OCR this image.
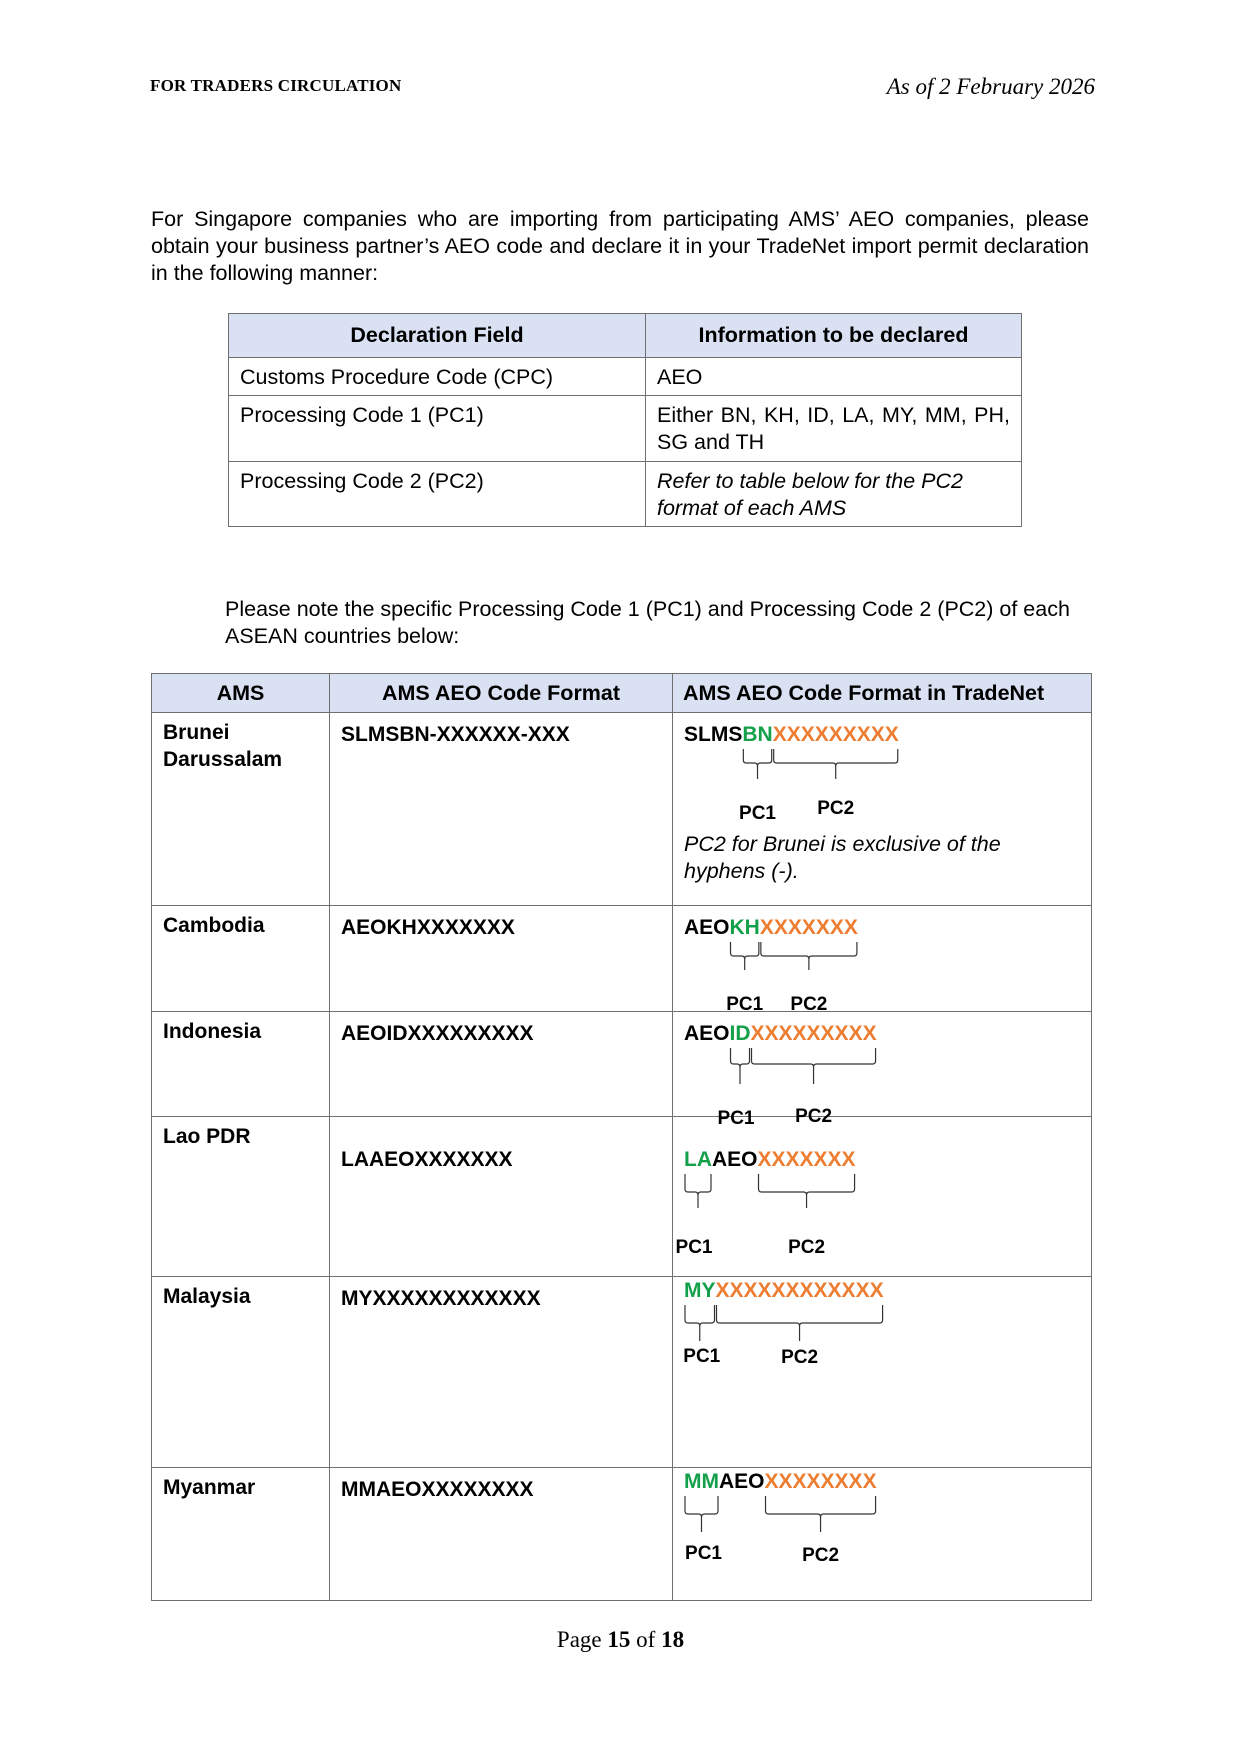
FOR TRADERS CIRCULATION	As of 2 February 2026

For Singapore companies who are importing from participating AMS’ AEO companies, please obtain your business partner’s AEO code and declare it in your TradeNet import permit declaration in the following manner:

Declaration Field	Information to be declared
Customs Procedure Code (CPC)	AEO
Processing Code 1 (PC1)	Either BN, KH, ID, LA, MY, MM, PH, SG and TH
Processing Code 2 (PC2)	Refer to table below for the PC2 format of each AMS

Please note the specific Processing Code 1 (PC1) and Processing Code 2 (PC2) of each ASEAN countries below:

AMS	AMS AEO Code Format	AMS AEO Code Format in TradeNet
Brunei Darussalam	SLMSBN-XXXXXX-XXX	SLMSBNXXXXXXXXX
PC2 for Brunei is exclusive of the hyphens (-).
PC1 PC2

Cambodia	AEOKHXXXXXXX	AEOKHXXXXXXX
PC1 PC2

Indonesia	AEOIDXXXXXXXXX	AEOIDXXXXXXXXX
PC1 PC2

Lao PDR	LAAEOXXXXXXX	LAAEOXXXXXXX
PC1 PC2

Malaysia	MYXXXXXXXXXXXX	MYXXXXXXXXXXXX
PC1 PC2

Myanmar	MMAEOXXXXXXXX	MMAEOXXXXXXXX
PC1 PC2
Page 15 of 18
